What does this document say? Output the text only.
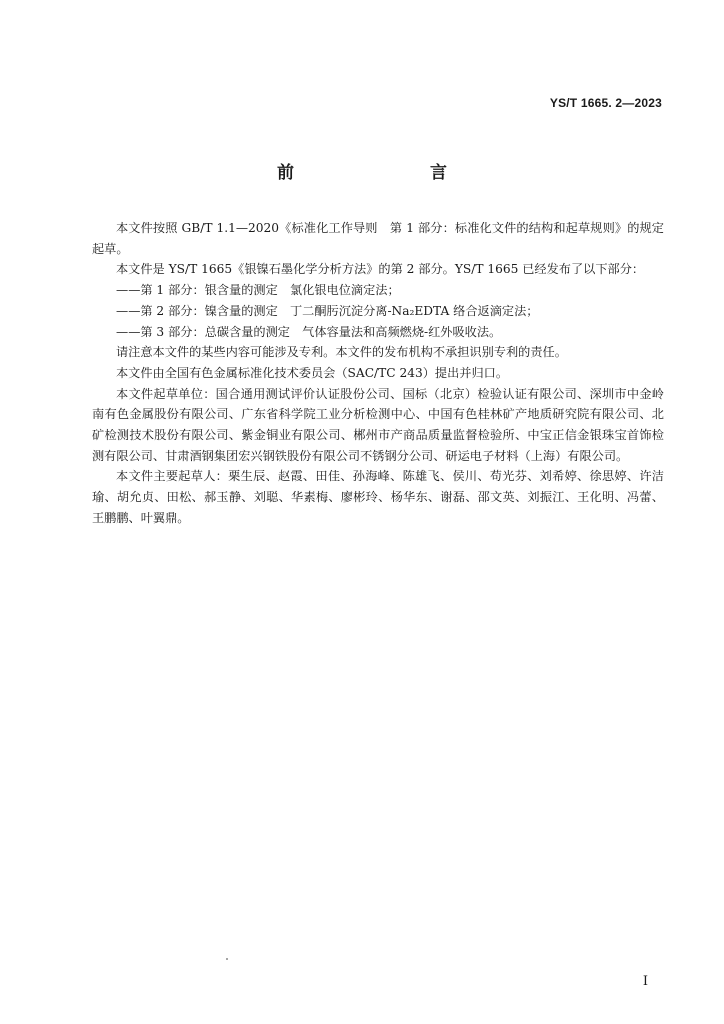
YS/T 1665. 2—2023
前　　言

本文件按照 GB/T 1.1—2020《标准化工作导则　第 1 部分：标准化文件的结构和起草规则》的规定起草。

本文件是 YS/T 1665《银镍石墨化学分析方法》的第 2 部分。YS/T 1665 已经发布了以下部分：

——第 1 部分：银含量的测定　氯化银电位滴定法；

——第 2 部分：镍含量的测定　丁二酮肟沉淀分离-Na₂EDTA 络合返滴定法；

——第 3 部分：总碳含量的测定　气体容量法和高频燃烧-红外吸收法。

请注意本文件的某些内容可能涉及专利。本文件的发布机构不承担识别专利的责任。

本文件由全国有色金属标准化技术委员会（SAC/TC 243）提出并归口。

本文件起草单位：国合通用测试评价认证股份公司、国标（北京）检验认证有限公司、深圳市中金岭南有色金属股份有限公司、广东省科学院工业分析检测中心、中国有色桂林矿产地质研究院有限公司、北矿检测技术股份有限公司、紫金铜业有限公司、郴州市产商品质量监督检验所、中宝正信金银珠宝首饰检测有限公司、甘肃酒钢集团宏兴钢铁股份有限公司不锈钢分公司、研运电子材料（上海）有限公司。

本文件主要起草人：栗生辰、赵霞、田佳、孙海峰、陈雄飞、侯川、苟光芬、刘希婷、徐思婷、许洁瑜、胡允贞、田松、郝玉静、刘聪、华素梅、廖彬玲、杨华东、谢磊、邵文英、刘振江、王化明、冯蕾、王鹏鹏、叶翼鼎。

I
